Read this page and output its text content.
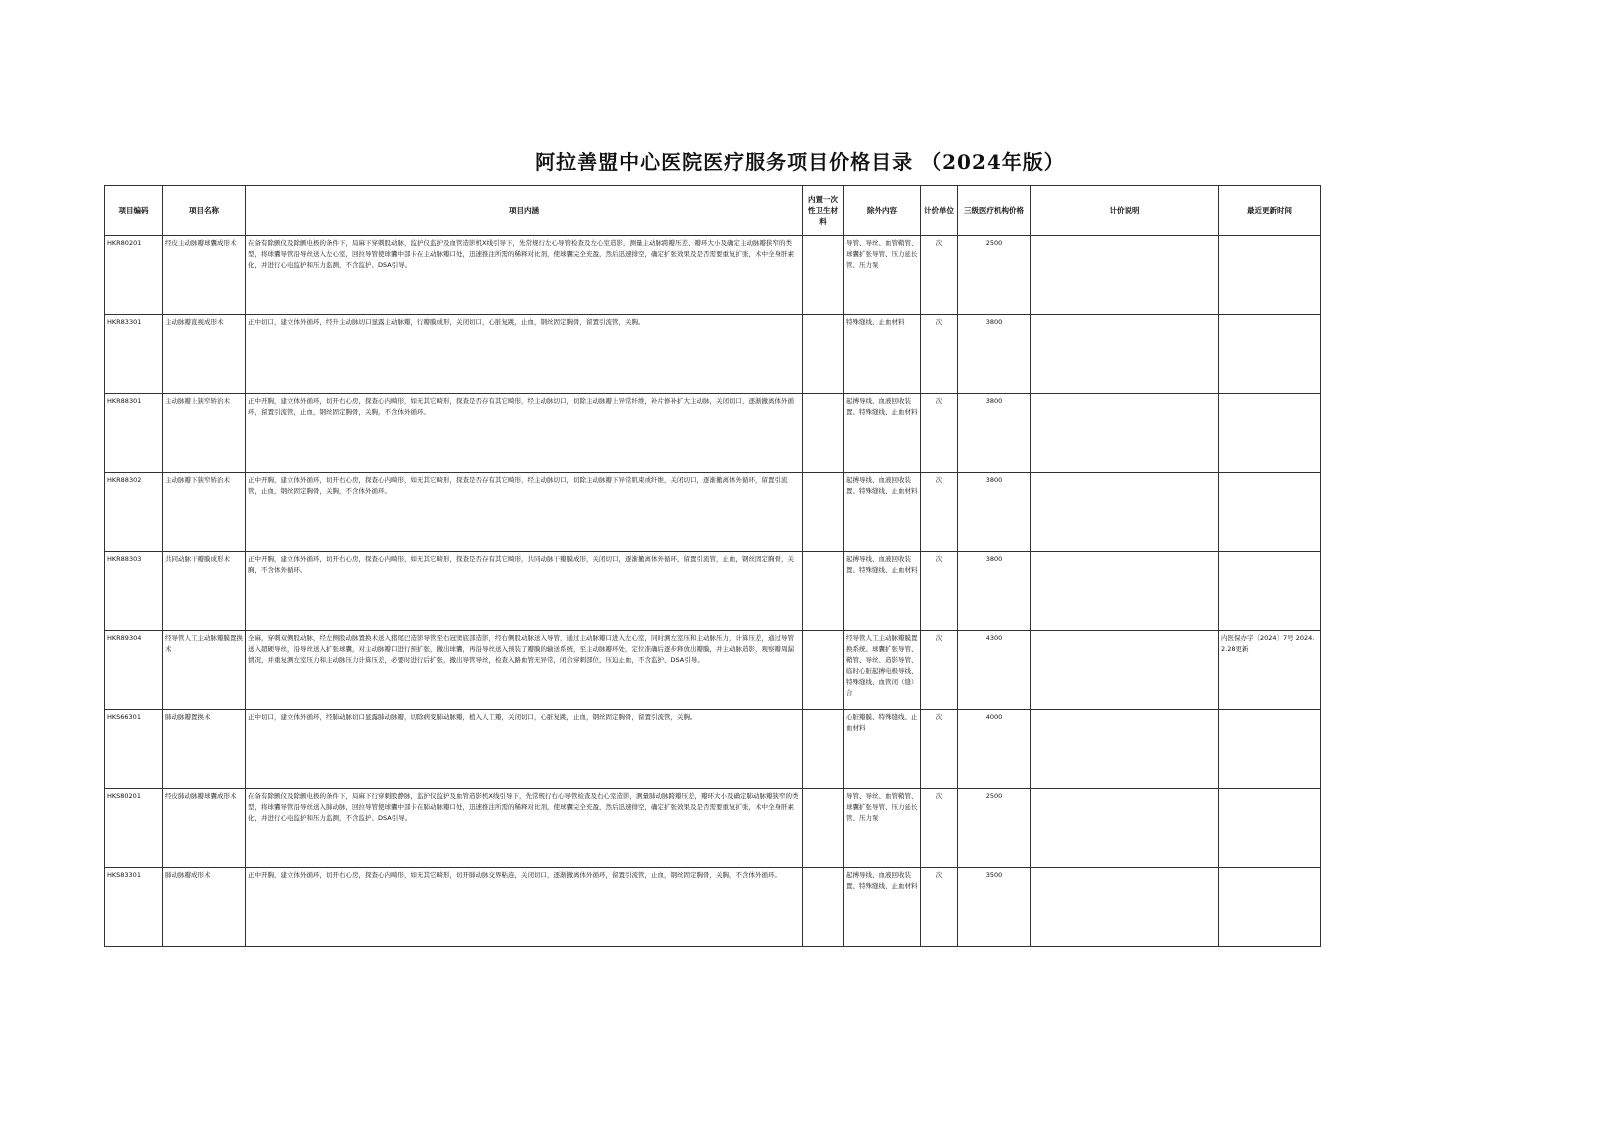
阿拉善盟中心医院医疗服务项目价格目录 （2024年版）
项目编码	项目名称	项目内涵	内置一次性卫生材料	除外内容	计价单位	三级医疗机构价格	计价说明	最近更新时间
HKR80201	经皮主动脉瓣球囊成形术	在备有除颤仪及除颤电极的条件下，局麻下穿刺股动脉，监护仪监护及血管造影机X线引导下，先常规行左心导管检查及左心室造影，测量主动脉跨瓣压差、瓣环大小及确定主动脉瓣狭窄的类型，将球囊导管沿导丝送入左心室，回拉导管使球囊中部卡在主动脉瓣口处，迅速推注所需的稀释对比剂，使球囊完全充盈，然后迅速排空，确定扩张效果及是否需要重复扩张，术中全身肝素化，并进行心电监护和压力监测，不含监护、DSA引导。		导管、导丝、血管鞘管、球囊扩张导管、压力延长管、压力泵	次	2500		
HKR83301	主动脉瓣直视成形术	正中切口，建立体外循环，经升主动脉切口显露主动脉瓣，行瓣膜成形，关闭切口，心脏复跳，止血，钢丝固定胸骨，留置引流管，关胸。		特殊缝线、止血材料	次	3800		
HKR88301	主动脉瓣上狭窄矫治术	正中开胸，建立体外循环，切开右心房，探查心内畸形，如无其它畸形，探查是否存有其它畸形，经主动脉切口，切除主动脉瓣上异常纤维，补片修补扩大主动脉，关闭切口，逐渐撤离体外循环，留置引流管，止血，钢丝固定胸骨，关胸，不含体外循环。		起搏导线、血液回收装置、特殊缝线、止血材料	次	3800		
HKR88302	主动脉瓣下狭窄矫治术	正中开胸，建立体外循环，切开右心房，探查心内畸形，如无其它畸形，探查是否存有其它畸形，经主动脉切口，切除主动脉瓣下异常肌束或纤维，关闭切口，逐渐撤离体外循环，留置引流管，止血，钢丝固定胸骨，关胸，不含体外循环。		起搏导线、血液回收装置、特殊缝线、止血材料	次	3800		
HKR88303	共同动脉干瓣膜成形术	正中开胸，建立体外循环，切开右心房，探查心内畸形，如无其它畸形，探查是否存有其它畸形，共同动脉干瓣膜成形，关闭切口，逐渐撤离体外循环，留置引流管，止血，钢丝固定胸骨，关胸，不含体外循环。		起搏导线、血液回收装置、特殊缝线、止血材料	次	3800		
HKR89304	经导管人工主动脉瓣膜置换术	全麻，穿刺双侧股动脉，经左侧股动脉置换术送入猪尾巴造影导管至右冠窦底部造影，经右侧股动脉送入导管，通过主动脉瓣口进入左心室，同时测左室压和主动脉压力，计算压差，通过导管送入超硬导丝，沿导丝送入扩张球囊，对主动脉瓣口进行预扩张，撤出球囊，再沿导丝送入预装了瓣膜的输送系统，至主动脉瓣环处，定位准确后逐步释放出瓣膜，并主动脉造影，观察瓣周漏情况，并重复测左室压力和主动脉压力计算压差，必要时进行后扩张，撤出导管导丝，检查入路血管无异常，闭合穿刺部位，压迫止血，不含监护、DSA引导。		经导管人工主动脉瓣膜置换系统、球囊扩张导管、鞘管、导丝、造影导管、临时心脏起搏电极导线、特殊缝线、血管闭（缝）合	次	4300		内医保办字〔2024〕7号 2024.2.28更新
HKS66301	肺动脉瓣置换术	正中切口，建立体外循环，经肺动脉切口显露肺动脉瓣，切除病变肺动脉瓣，植入人工瓣，关闭切口，心脏复跳，止血，钢丝固定胸骨，留置引流管，关胸。		心脏瓣膜、特殊缝线、止血材料	次	4000		
HKS80201	经皮肺动脉瓣球囊成形术	在备有除颤仪及除颤电极的条件下，局麻下行穿刺股静脉，监护仪监护及血管造影机X线引导下，先常规行右心导管检查及右心室造影，测量肺动脉跨瓣压差，瓣环大小及确定肺动脉瓣狭窄的类型，将球囊导管沿导丝送入肺动脉，回拉导管使球囊中部卡在肺动脉瓣口处，迅速推注所需的稀释对比剂，使球囊完全充盈，然后迅速排空，确定扩张效果及是否需要重复扩张，术中全身肝素化，并进行心电监护和压力监测，不含监护、DSA引导。		导管、导丝、血管鞘管、球囊扩张导管、压力延长管、压力泵	次	2500		
HKS83301	肺动脉瓣成形术	正中开胸，建立体外循环，切开右心房，探查心内畸形，如无其它畸形，切开肺动脉交界粘连，关闭切口，逐渐撤离体外循环，留置引流管，止血，钢丝固定胸骨，关胸，不含体外循环。		起搏导线、血液回收装置、特殊缝线、止血材料	次	3500		
